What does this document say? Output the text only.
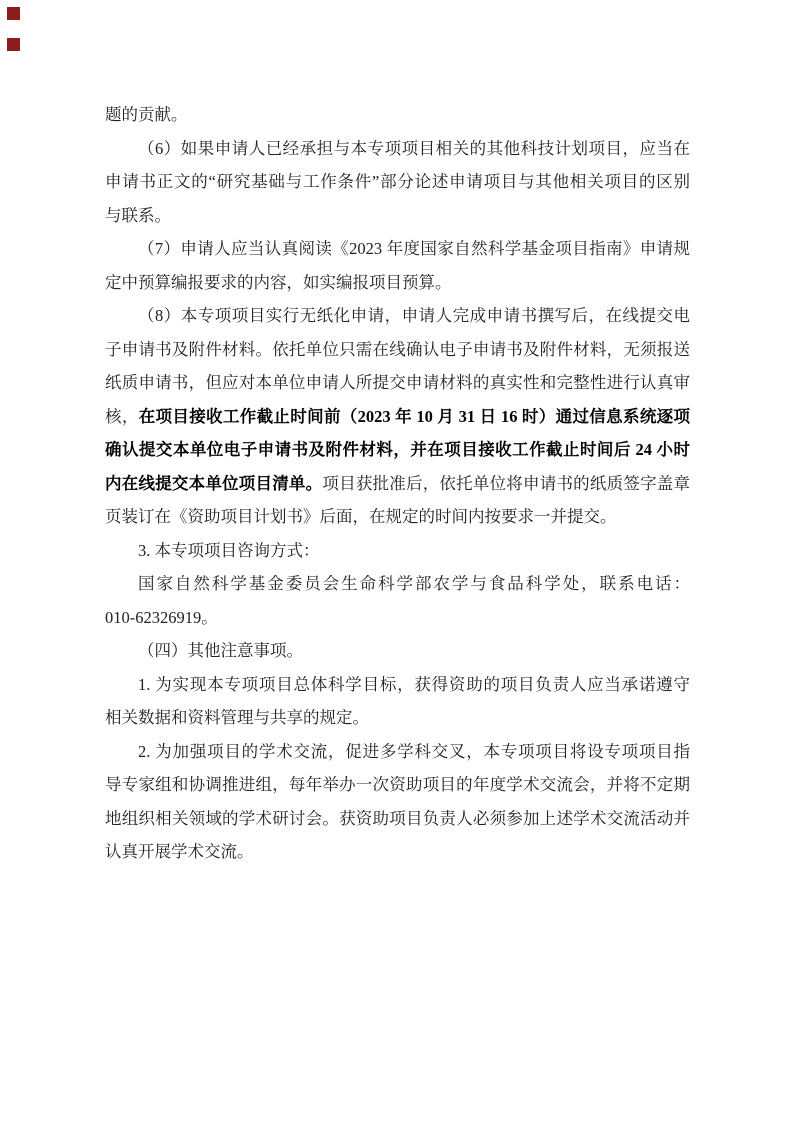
题的贡献。
（6）如果申请人已经承担与本专项项目相关的其他科技计划项目，应当在
申请书正文的“研究基础与工作条件”部分论述申请项目与其他相关项目的区别
与联系。
（7）申请人应当认真阅读《2023 年度国家自然科学基金项目指南》申请规
定中预算编报要求的内容，如实编报项目预算。
（8）本专项项目实行无纸化申请，申请人完成申请书撰写后，在线提交电
子申请书及附件材料。依托单位只需在线确认电子申请书及附件材料，无须报送
纸质申请书，但应对本单位申请人所提交申请材料的真实性和完整性进行认真审
核，在项目接收工作截止时间前（2023 年 10 月 31 日 16 时）通过信息系统逐项
确认提交本单位电子申请书及附件材料，并在项目接收工作截止时间后 24 小时
内在线提交本单位项目清单。项目获批准后，依托单位将申请书的纸质签字盖章
页装订在《资助项目计划书》后面，在规定的时间内按要求一并提交。
3. 本专项项目咨询方式：
国家自然科学基金委员会生命科学部农学与食品科学处，联系电话：
010-62326919。
（四）其他注意事项。
1. 为实现本专项项目总体科学目标，获得资助的项目负责人应当承诺遵守
相关数据和资料管理与共享的规定。
2. 为加强项目的学术交流，促进多学科交叉，本专项项目将设专项项目指
导专家组和协调推进组，每年举办一次资助项目的年度学术交流会，并将不定期
地组织相关领域的学术研讨会。获资助项目负责人必须参加上述学术交流活动并
认真开展学术交流。
